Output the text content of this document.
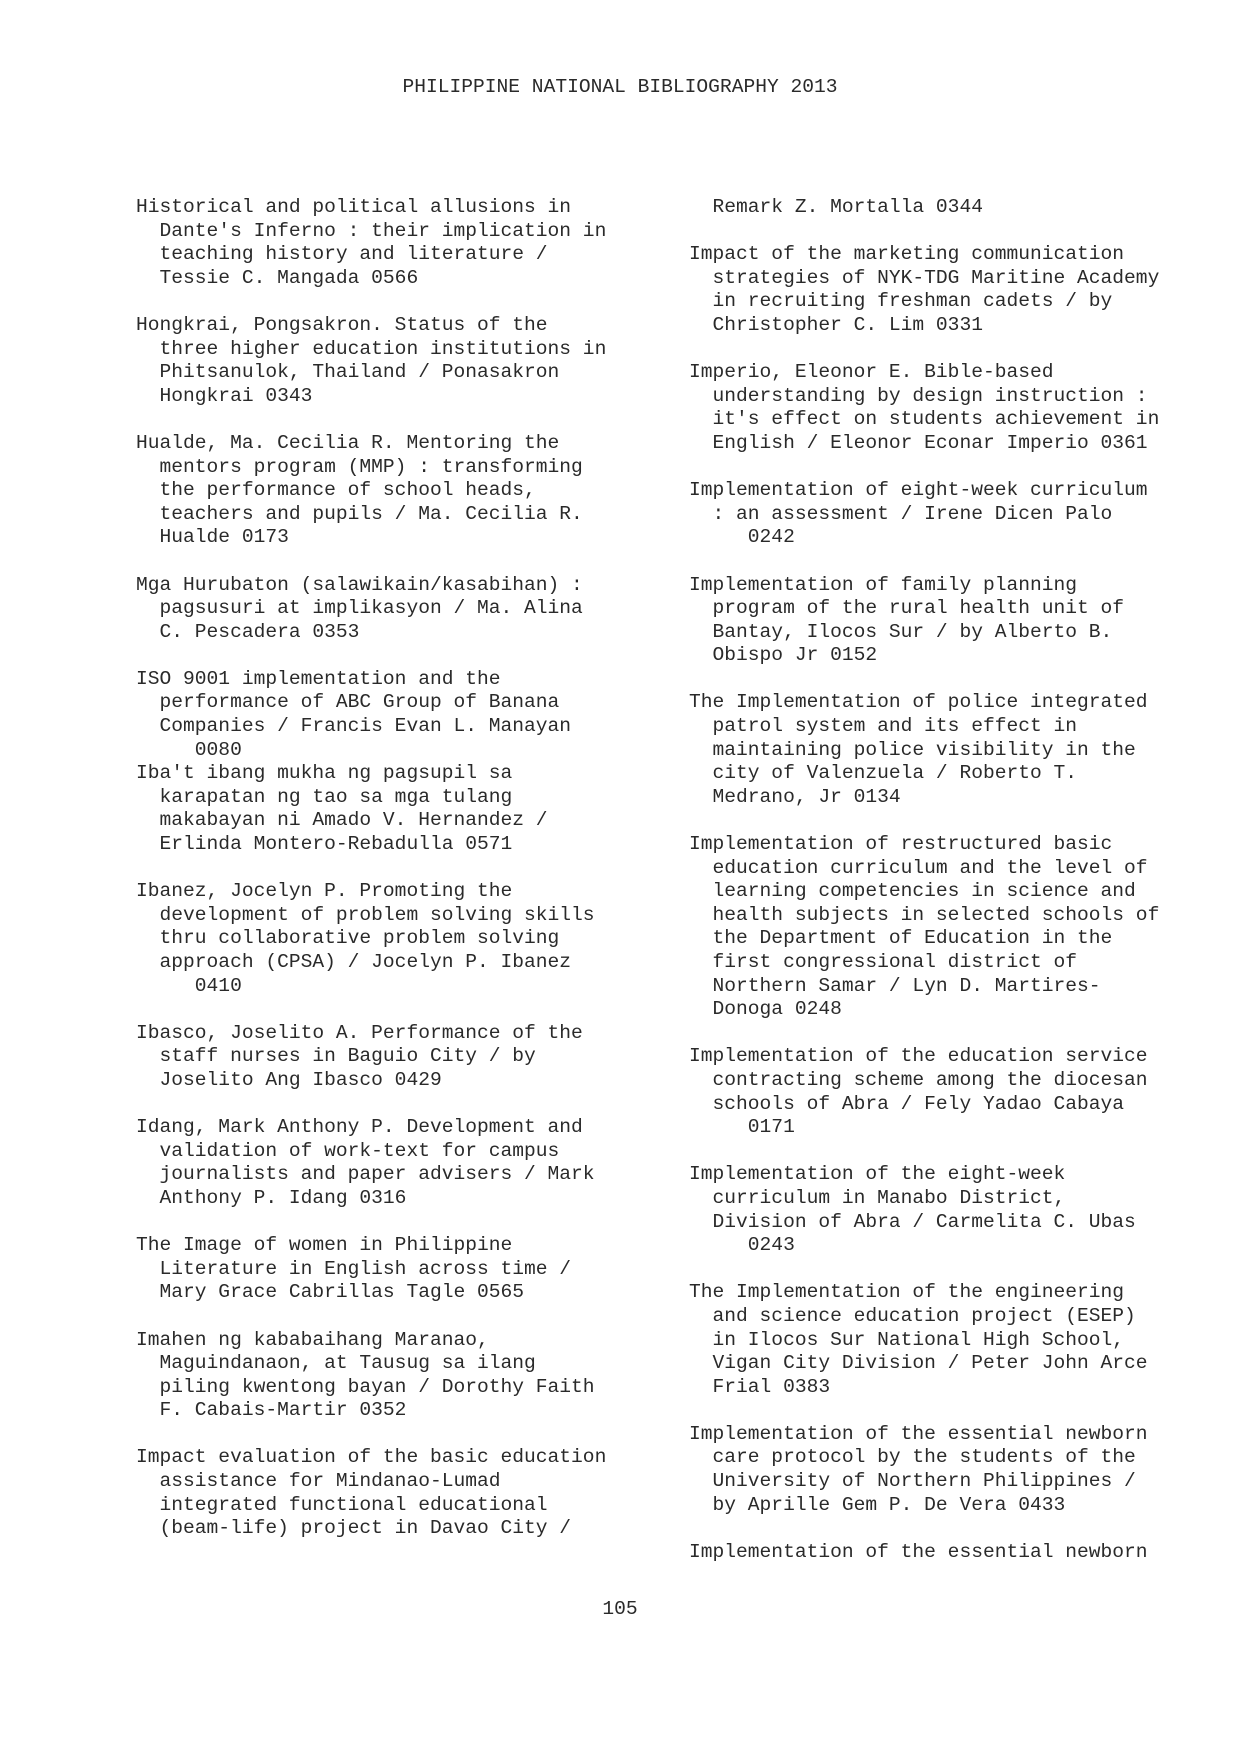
PHILIPPINE NATIONAL BIBLIOGRAPHY 2013
Historical and political allusions in
Dante's Inferno : their implication in
teaching history and literature /
Tessie C. Mangada 0566
Hongkrai, Pongsakron. Status of the
three higher education institutions in
Phitsanulok, Thailand / Ponasakron
Hongkrai 0343
Hualde, Ma. Cecilia R. Mentoring the
mentors program (MMP) : transforming
the performance of school heads,
teachers and pupils / Ma. Cecilia R.
Hualde 0173
Mga Hurubaton (salawikain/kasabihan) :
pagsusuri at implikasyon / Ma. Alina
C. Pescadera 0353
ISO 9001 implementation and the
performance of ABC Group of Banana
Companies / Francis Evan L. Manayan
0080
Iba't ibang mukha ng pagsupil sa
karapatan ng tao sa mga tulang
makabayan ni Amado V. Hernandez /
Erlinda Montero-Rebadulla 0571
Ibanez, Jocelyn P. Promoting the
development of problem solving skills
thru collaborative problem solving
approach (CPSA) / Jocelyn P. Ibanez
0410
Ibasco, Joselito A. Performance of the
staff nurses in Baguio City / by
Joselito Ang Ibasco 0429
Idang, Mark Anthony P. Development and
validation of work-text for campus
journalists and paper advisers / Mark
Anthony P. Idang 0316
The Image of women in Philippine
Literature in English across time /
Mary Grace Cabrillas Tagle 0565
Imahen ng kababaihang Maranao,
Maguindanaon, at Tausug sa ilang
piling kwentong bayan / Dorothy Faith
F. Cabais-Martir 0352
Impact evaluation of the basic education
assistance for Mindanao-Lumad
integrated functional educational
(beam-life) project in Davao City /
Remark Z. Mortalla 0344
Impact of the marketing communication
strategies of NYK-TDG Maritine Academy
in recruiting freshman cadets / by
Christopher C. Lim 0331
Imperio, Eleonor E. Bible-based
understanding by design instruction :
it's effect on students achievement in
English / Eleonor Econar Imperio 0361
Implementation of eight-week curriculum
: an assessment / Irene Dicen Palo
0242
Implementation of family planning
program of the rural health unit of
Bantay, Ilocos Sur / by Alberto B.
Obispo Jr 0152
The Implementation of police integrated
patrol system and its effect in
maintaining police visibility in the
city of Valenzuela / Roberto T.
Medrano, Jr 0134
Implementation of restructured basic
education curriculum and the level of
learning competencies in science and
health subjects in selected schools of
the Department of Education in the
first congressional district of
Northern Samar / Lyn D. Martires-
Donoga 0248
Implementation of the education service
contracting scheme among the diocesan
schools of Abra / Fely Yadao Cabaya
0171
Implementation of the eight-week
curriculum in Manabo District,
Division of Abra / Carmelita C. Ubas
0243
The Implementation of the engineering
and science education project (ESEP)
in Ilocos Sur National High School,
Vigan City Division / Peter John Arce
Frial 0383
Implementation of the essential newborn
care protocol by the students of the
University of Northern Philippines /
by Aprille Gem P. De Vera 0433
Implementation of the essential newborn
105
